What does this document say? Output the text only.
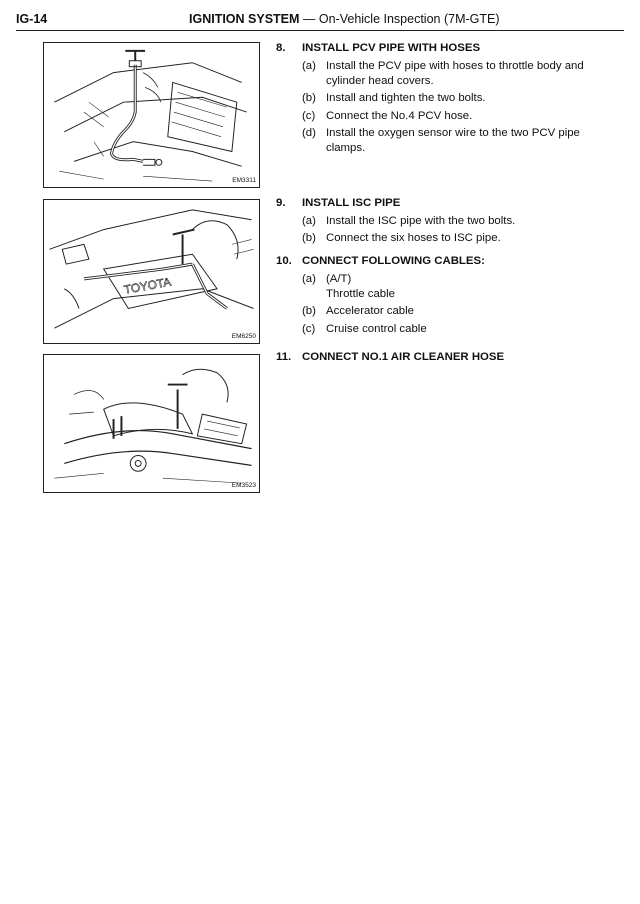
IG-14	IGNITION SYSTEM — On-Vehicle Inspection (7M-GTE)
EM3311
TOYOTA
EM6250
EM3523
8.	INSTALL PCV PIPE WITH HOSES
(a) Install the PCV pipe with hoses to throttle body and cylinder head covers.
(b) Install and tighten the two bolts.
(c) Connect the No.4 PCV hose.
(d) Install the oxygen sensor wire to the two PCV pipe clamps.
9.	INSTALL ISC PIPE
(a) Install the ISC pipe with the two bolts.
(b) Connect the six hoses to ISC pipe.
10. CONNECT FOLLOWING CABLES:
(a) (A/T)
Throttle cable
(b) Accelerator cable
(c) Cruise control cable
11. CONNECT NO.1 AIR CLEANER HOSE
